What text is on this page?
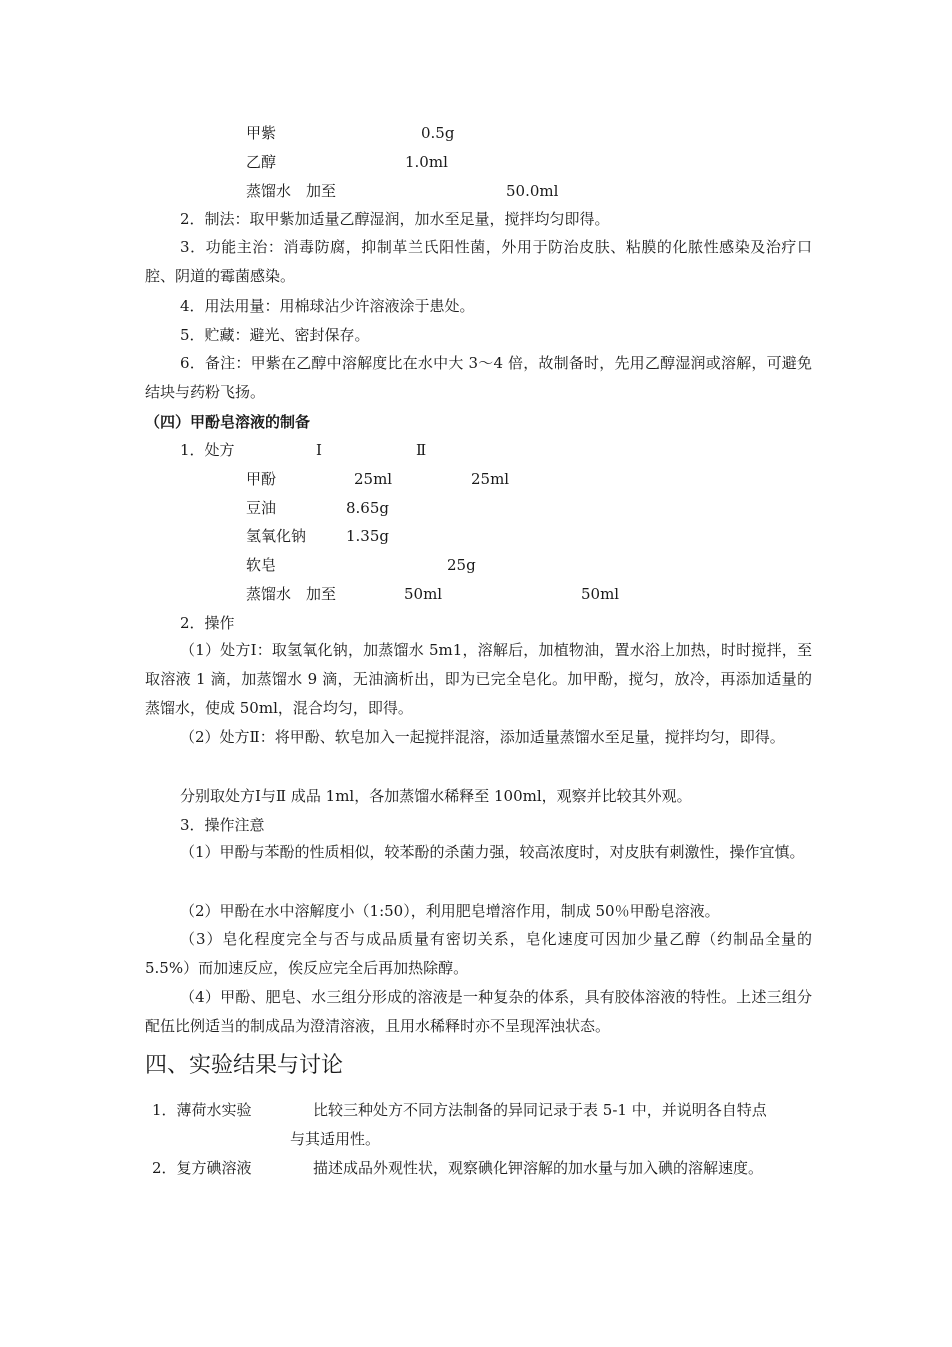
甲紫	0.5g
乙醇	1.0ml
蒸馏水　加至	50.0ml
2．制法：取甲紫加适量乙醇湿润，加水至足量，搅拌均匀即得。
3．功能主治：消毒防腐，抑制革兰氏阳性菌，外用于防治皮肤、粘膜的化脓性感染及治疗口腔、阴道的霉菌感染。
4．用法用量：用棉球沾少许溶液涂于患处。
5．贮藏：避光、密封保存。
6．备注：甲紫在乙醇中溶解度比在水中大 3～4 倍，故制备时，先用乙醇湿润或溶解，可避免结块与药粉飞扬。
（四）甲酚皂溶液的制备
1．处方	Ⅰ	Ⅱ
甲酚	25ml	25ml
豆油	8.65g
氢氧化钠	1.35g
软皂	25g
蒸馏水　加至	50ml	50ml
2．操作
（1）处方Ⅰ：取氢氧化钠，加蒸馏水 5m1，溶解后，加植物油，置水浴上加热，时时搅拌，至取溶液 1 滴，加蒸馏水 9 滴，无油滴析出，即为已完全皂化。加甲酚，搅匀，放冷，再添加适量的蒸馏水，使成 50ml，混合均匀，即得。
（2）处方Ⅱ：将甲酚、软皂加入一起搅拌混溶，添加适量蒸馏水至足量，搅拌均匀，即得。
分别取处方Ⅰ与Ⅱ 成品 1ml，各加蒸馏水稀释至 100ml，观察并比较其外观。
3．操作注意
（1）甲酚与苯酚的性质相似，较苯酚的杀菌力强，较高浓度时，对皮肤有刺激性，操作宜慎。
（2）甲酚在水中溶解度小（1:50），利用肥皂增溶作用，制成 50％甲酚皂溶液。
（3）皂化程度完全与否与成品质量有密切关系，皂化速度可因加少量乙醇（约制品全量的 5.5%）而加速反应，俟反应完全后再加热除醇。
（4）甲酚、肥皂、水三组分形成的溶液是一种复杂的体系，具有胶体溶液的特性。上述三组分配伍比例适当的制成品为澄清溶液，且用水稀释时亦不呈现浑浊状态。
四、实验结果与讨论
1．薄荷水实验	比较三种处方不同方法制备的异同记录于表 5-1 中，并说明各自特点
与其适用性。
2．复方碘溶液	描述成品外观性状，观察碘化钾溶解的加水量与加入碘的溶解速度。
